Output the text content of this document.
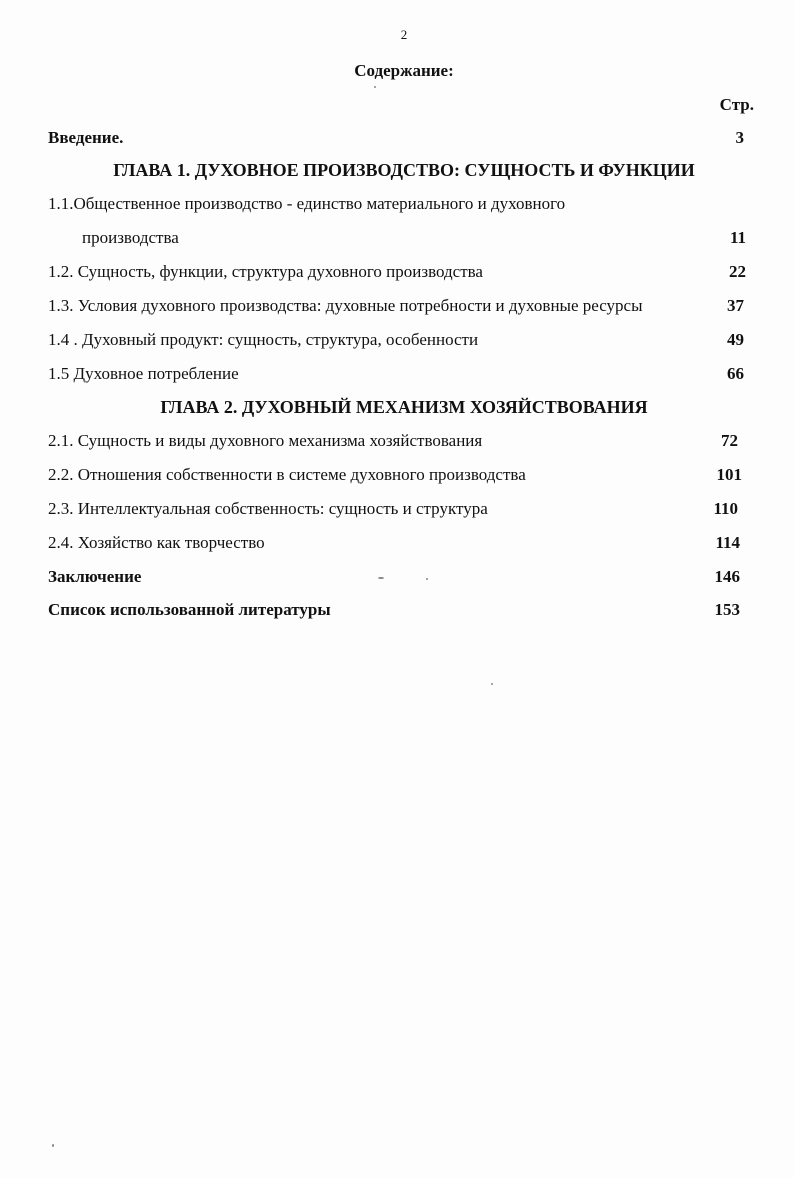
2
Содержание:
Стр.
Введение.	3
ГЛАВА 1. ДУХОВНОЕ ПРОИЗВОДСТВО: СУЩНОСТЬ И ФУНКЦИИ
1.1.Общественное производство - единство материального и духовного
производства	11
1.2. Сущность, функции, структура духовного производства	22
1.3. Условия духовного производства: духовные потребности и духовные ресурсы	37
1.4 . Духовный продукт: сущность, структура, особенности	49
1.5 Духовное потребление	66
ГЛАВА 2. ДУХОВНЫЙ МЕХАНИЗМ ХОЗЯЙСТВОВАНИЯ
2.1. Сущность и виды духовного механизма хозяйствования	72
2.2. Отношения собственности в системе духовного производства	101
2.3. Интеллектуальная собственность: сущность и структура	110
2.4. Хозяйство как творчество	114
Заключение	146
Список использованной литературы	153
